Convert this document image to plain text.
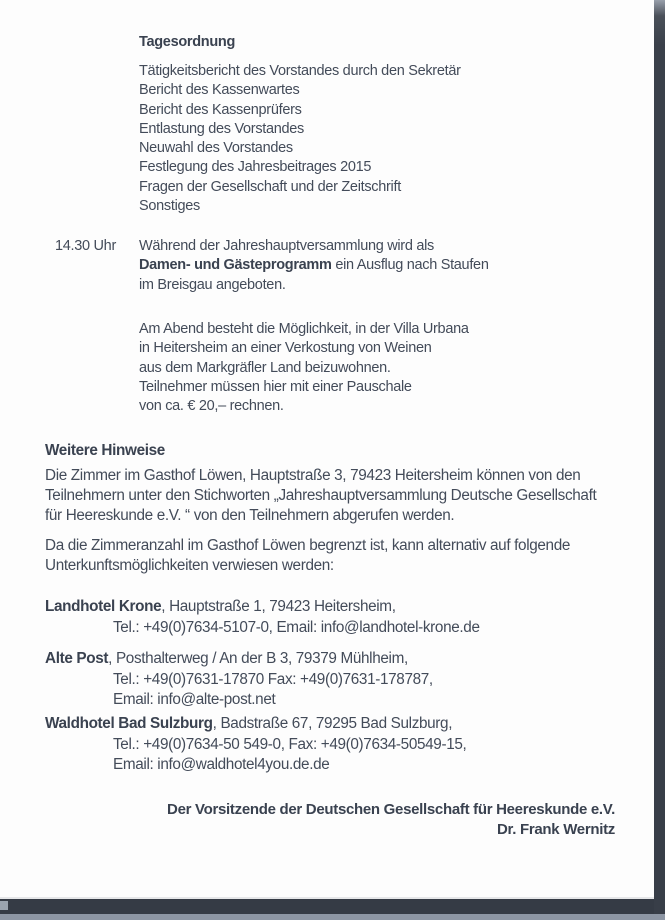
Tagesordnung
Tätigkeitsbericht des Vorstandes durch den Sekretär
Bericht des Kassenwartes
Bericht des Kassenprüfers
Entlastung des Vorstandes
Neuwahl des Vorstandes
Festlegung des Jahresbeitrages 2015
Fragen der Gesellschaft und der Zeitschrift
Sonstiges
14.30 Uhr Während der Jahreshauptversammlung wird als
Damen- und Gästeprogramm ein Ausflug nach Staufen
im Breisgau angeboten.
Am Abend besteht die Möglichkeit, in der Villa Urbana
in Heitersheim an einer Verkostung von Weinen
aus dem Markgräfler Land beizuwohnen.
Teilnehmer müssen hier mit einer Pauschale
von ca. € 20,– rechnen.
Weitere Hinweise
Die Zimmer im Gasthof Löwen, Hauptstraße 3, 79423 Heitersheim können von den
Teilnehmern unter den Stichworten „Jahreshauptversammlung Deutsche Gesellschaft
für Heereskunde e.V. “ von den Teilnehmern abgerufen werden.
Da die Zimmeranzahl im Gasthof Löwen begrenzt ist, kann alternativ auf folgende
Unterkunftsmöglichkeiten verwiesen werden:
Landhotel Krone, Hauptstraße 1, 79423 Heitersheim,
Tel.: +49(0)7634-5107-0, Email: info@landhotel-krone.de
Alte Post, Posthalterweg / An der B 3, 79379 Mühlheim,
Tel.: +49(0)7631-17870 Fax: +49(0)7631-178787,
Email: info@alte-post.net
Waldhotel Bad Sulzburg, Badstraße 67, 79295 Bad Sulzburg,
Tel.: +49(0)7634-50 549-0, Fax: +49(0)7634-50549-15,
Email: info@waldhotel4you.de.de
Der Vorsitzende der Deutschen Gesellschaft für Heereskunde e.V.
Dr. Frank Wernitz
